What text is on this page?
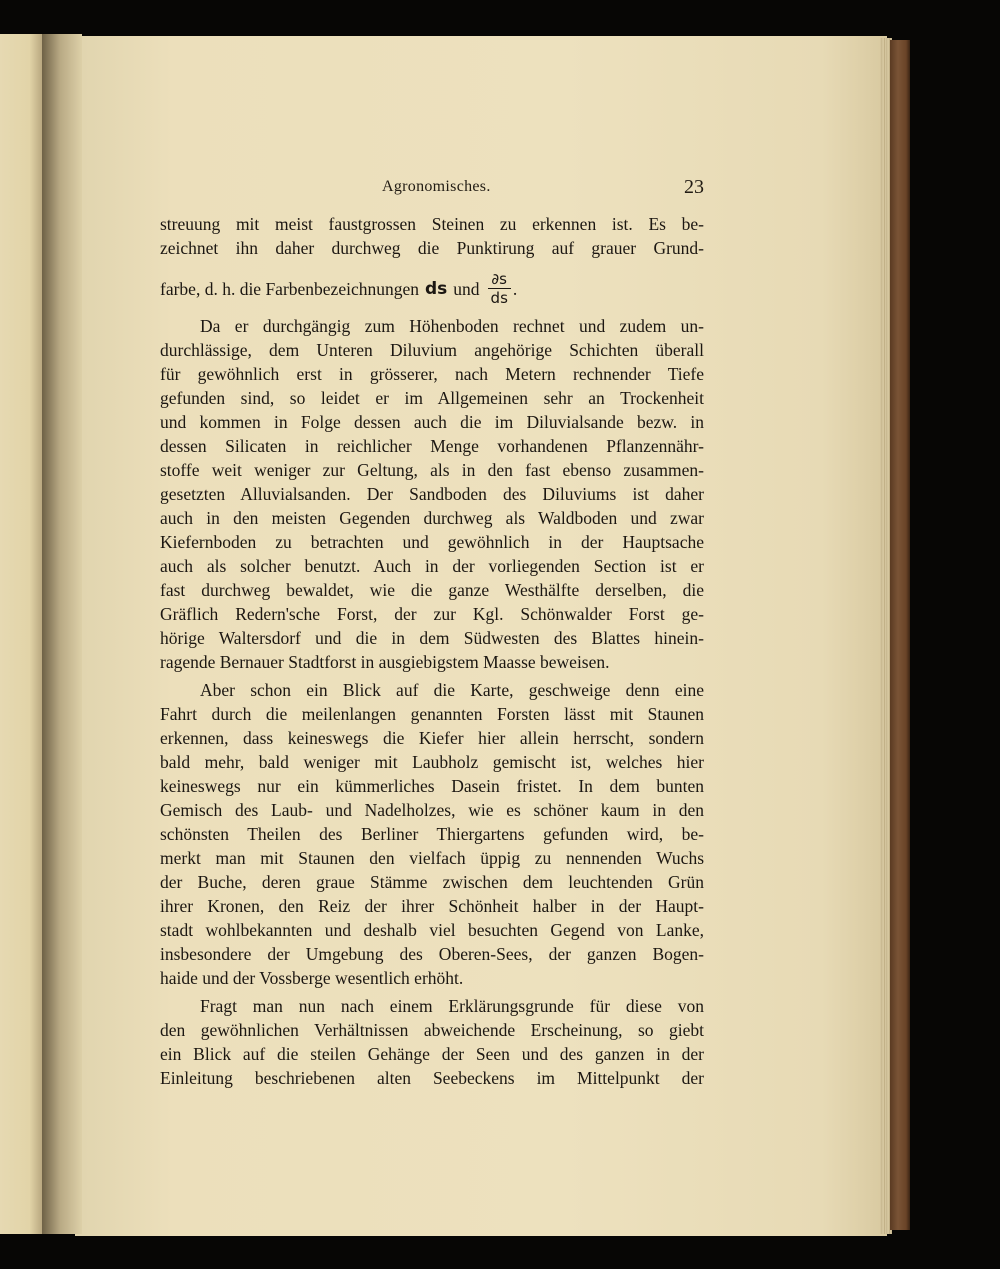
Agronomisches.	23
streuung mit meist faustgrossen Steinen zu erkennen ist. Es be-
zeichnet ihn daher durchweg die Punktirung auf grauer Grund-
farbe, d. h. die Farbenbezeichnungen ds und $\frac{\partial s}{ds}$ .
Da er durchgängig zum Höhenboden rechnet und zudem un-
durchlässige, dem Unteren Diluvium angehörige Schichten überall
für gewöhnlich erst in grösserer, nach Metern rechnender Tiefe
gefunden sind, so leidet er im Allgemeinen sehr an Trockenheit
und kommen in Folge dessen auch die im Diluvialsande bezw. in
dessen Silicaten in reichlicher Menge vorhandenen Pflanzennähr-
stoffe weit weniger zur Geltung, als in den fast ebenso zusammen-
gesetzten Alluvialsanden. Der Sandboden des Diluviums ist daher
auch in den meisten Gegenden durchweg als Waldboden und zwar
Kiefernboden zu betrachten und gewöhnlich in der Hauptsache
auch als solcher benutzt. Auch in der vorliegenden Section ist er
fast durchweg bewaldet, wie die ganze Westhälfte derselben, die
Gräflich Redern'sche Forst, der zur Kgl. Schönwalder Forst ge-
hörige Waltersdorf und die in dem Südwesten des Blattes hinein-
ragende Bernauer Stadtforst in ausgiebigstem Maasse beweisen.
Aber schon ein Blick auf die Karte, geschweige denn eine
Fahrt durch die meilenlangen genannten Forsten lässt mit Staunen
erkennen, dass keineswegs die Kiefer hier allein herrscht, sondern
bald mehr, bald weniger mit Laubholz gemischt ist, welches hier
keineswegs nur ein kümmerliches Dasein fristet. In dem bunten
Gemisch des Laub- und Nadelholzes, wie es schöner kaum in den
schönsten Theilen des Berliner Thiergartens gefunden wird, be-
merkt man mit Staunen den vielfach üppig zu nennenden Wuchs
der Buche, deren graue Stämme zwischen dem leuchtenden Grün
ihrer Kronen, den Reiz der ihrer Schönheit halber in der Haupt-
stadt wohlbekannten und deshalb viel besuchten Gegend von Lanke,
insbesondere der Umgebung des Oberen-Sees, der ganzen Bogen-
haide und der Vossberge wesentlich erhöht.
Fragt man nun nach einem Erklärungsgrunde für diese von
den gewöhnlichen Verhältnissen abweichende Erscheinung, so giebt
ein Blick auf die steilen Gehänge der Seen und des ganzen in der
Einleitung beschriebenen alten Seebeckens im Mittelpunkt der
